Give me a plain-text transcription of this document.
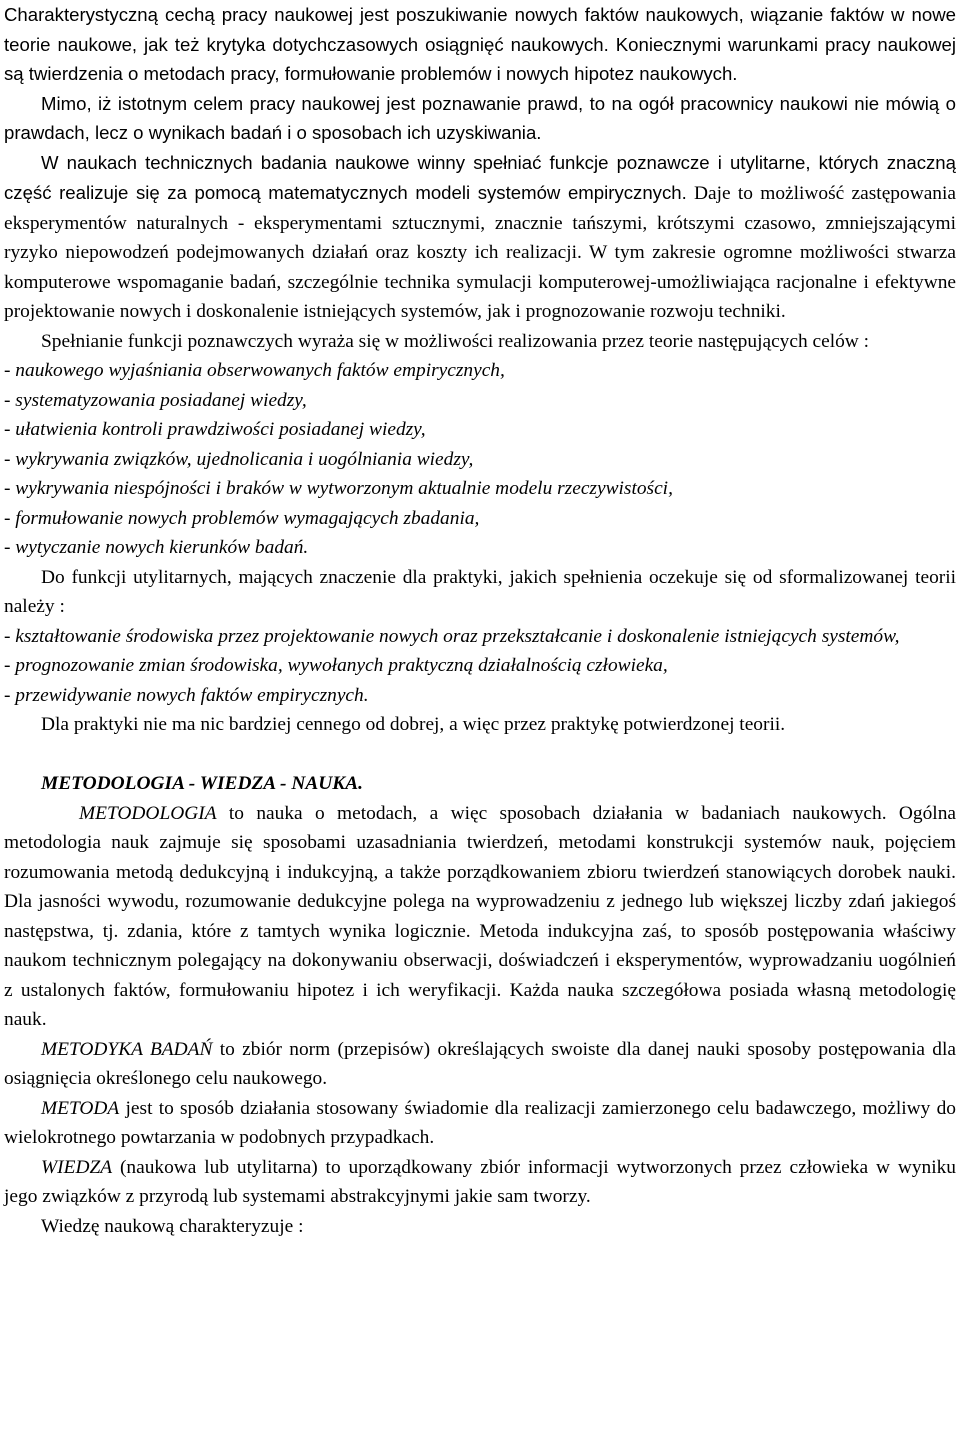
Charakterystyczną cechą pracy naukowej jest poszukiwanie nowych faktów naukowych, wiązanie faktów w nowe teorie naukowe, jak też krytyka dotychczasowych osiągnięć naukowych. Koniecznymi warunkami pracy naukowej są twierdzenia o metodach pracy, formułowanie problemów i nowych hipotez naukowych.

Mimo, iż istotnym celem pracy naukowej jest poznawanie prawd, to na ogół pracownicy naukowi nie mówią o prawdach, lecz o wynikach badań i o sposobach ich uzyskiwania.

W naukach technicznych badania naukowe winny spełniać funkcje poznawcze i utylitarne, których znaczną część realizuje się za pomocą matematycznych modeli systemów empirycznych. Daje to możliwość zastępowania eksperymentów naturalnych - eksperymentami sztucznymi, znacznie tańszymi, krótszymi czasowo, zmniejszającymi ryzyko niepowodzeń podejmowanych działań oraz koszty ich realizacji. W tym zakresie ogromne możliwości stwarza komputerowe wspomaganie badań, szczególnie technika symulacji komputerowej-umożliwiająca racjonalne i efektywne projektowanie nowych i doskonalenie istniejących systemów, jak i prognozowanie rozwoju techniki.

Spełnianie funkcji poznawczych wyraża się w możliwości realizowania przez teorie następujących celów :

- naukowego wyjaśniania obserwowanych faktów empirycznych,

- systematyzowania posiadanej wiedzy,

- ułatwienia kontroli prawdziwości posiadanej wiedzy,

- wykrywania związków, ujednolicania i uogólniania wiedzy,

- wykrywania niespójności i braków w wytworzonym aktualnie modelu rzeczywistości,

- formułowanie nowych problemów wymagających zbadania,

- wytyczanie nowych kierunków badań.

Do funkcji utylitarnych, mających znaczenie dla praktyki, jakich spełnienia oczekuje się od sformalizowanej teorii należy :

- kształtowanie środowiska przez projektowanie nowych oraz przekształcanie i doskonalenie istniejących systemów,

- prognozowanie zmian środowiska, wywołanych praktyczną działalnością człowieka,

- przewidywanie nowych faktów empirycznych.

Dla praktyki nie ma nic bardziej cennego od dobrej, a więc przez praktykę potwierdzonej teorii.

METODOLOGIA - WIEDZA - NAUKA.

METODOLOGIA to nauka o metodach, a więc sposobach działania w badaniach naukowych. Ogólna metodologia nauk zajmuje się sposobami uzasadniania twierdzeń, metodami konstrukcji systemów nauk, pojęciem rozumowania metodą dedukcyjną i indukcyjną, a także porządkowaniem zbioru twierdzeń stanowiących dorobek nauki. Dla jasności wywodu, rozumowanie dedukcyjne polega na wyprowadzeniu z jednego lub większej liczby zdań jakiegoś następstwa, tj. zdania, które z tamtych wynika logicznie. Metoda indukcyjna zaś, to sposób postępowania właściwy naukom technicznym polegający na dokonywaniu obserwacji, doświadczeń i eksperymentów, wyprowadzaniu uogólnień z ustalonych faktów, formułowaniu hipotez i ich weryfikacji. Każda nauka szczegółowa posiada własną metodologię nauk.

METODYKA BADAŃ to zbiór norm (przepisów) określających swoiste dla danej nauki sposoby postępowania dla osiągnięcia określonego celu naukowego.

METODA jest to sposób działania stosowany świadomie dla realizacji zamierzonego celu badawczego, możliwy do wielokrotnego powtarzania w podobnych przypadkach.

WIEDZA (naukowa lub utylitarna) to uporządkowany zbiór informacji wytworzonych przez człowieka w wyniku jego związków z przyrodą lub systemami abstrakcyjnymi jakie sam tworzy.

Wiedzę naukową charakteryzuje :
